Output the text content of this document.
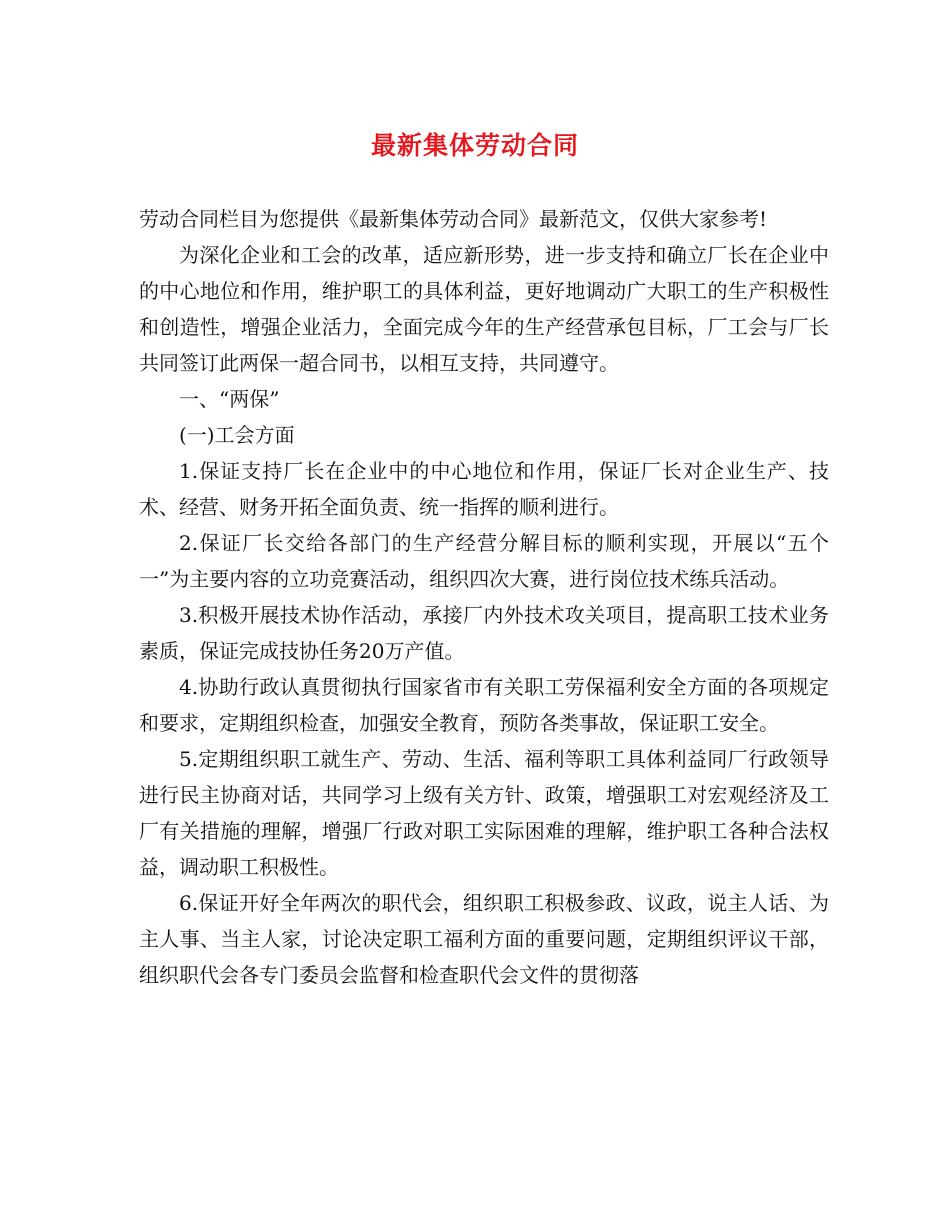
最新集体劳动合同

劳动合同栏目为您提供《最新集体劳动合同》最新范文，仅供大家参考!

为深化企业和工会的改革，适应新形势，进一步支持和确立厂长在企业中的中心地位和作用，维护职工的具体利益，更好地调动广大职工的生产积极性和创造性，增强企业活力，全面完成今年的生产经营承包目标，厂工会与厂长共同签订此两保一超合同书，以相互支持，共同遵守。

一、“两保”

(一)工会方面

1.保证支持厂长在企业中的中心地位和作用，保证厂长对企业生产、技术、经营、财务开拓全面负责、统一指挥的顺利进行。

2.保证厂长交给各部门的生产经营分解目标的顺利实现，开展以“五个一”为主要内容的立功竞赛活动，组织四次大赛，进行岗位技术练兵活动。

3.积极开展技术协作活动，承接厂内外技术攻关项目，提高职工技术业务素质，保证完成技协任务20万产值。

4.协助行政认真贯彻执行国家省市有关职工劳保福利安全方面的各项规定和要求，定期组织检查，加强安全教育，预防各类事故，保证职工安全。

5.定期组织职工就生产、劳动、生活、福利等职工具体利益同厂行政领导进行民主协商对话，共同学习上级有关方针、政策，增强职工对宏观经济及工厂有关措施的理解，增强厂行政对职工实际困难的理解，维护职工各种合法权益，调动职工积极性。

6.保证开好全年两次的职代会，组织职工积极参政、议政，说主人话、为主人事、当主人家，讨论决定职工福利方面的重要问题，定期组织评议干部，组织职代会各专门委员会监督和检查职代会文件的贯彻落
